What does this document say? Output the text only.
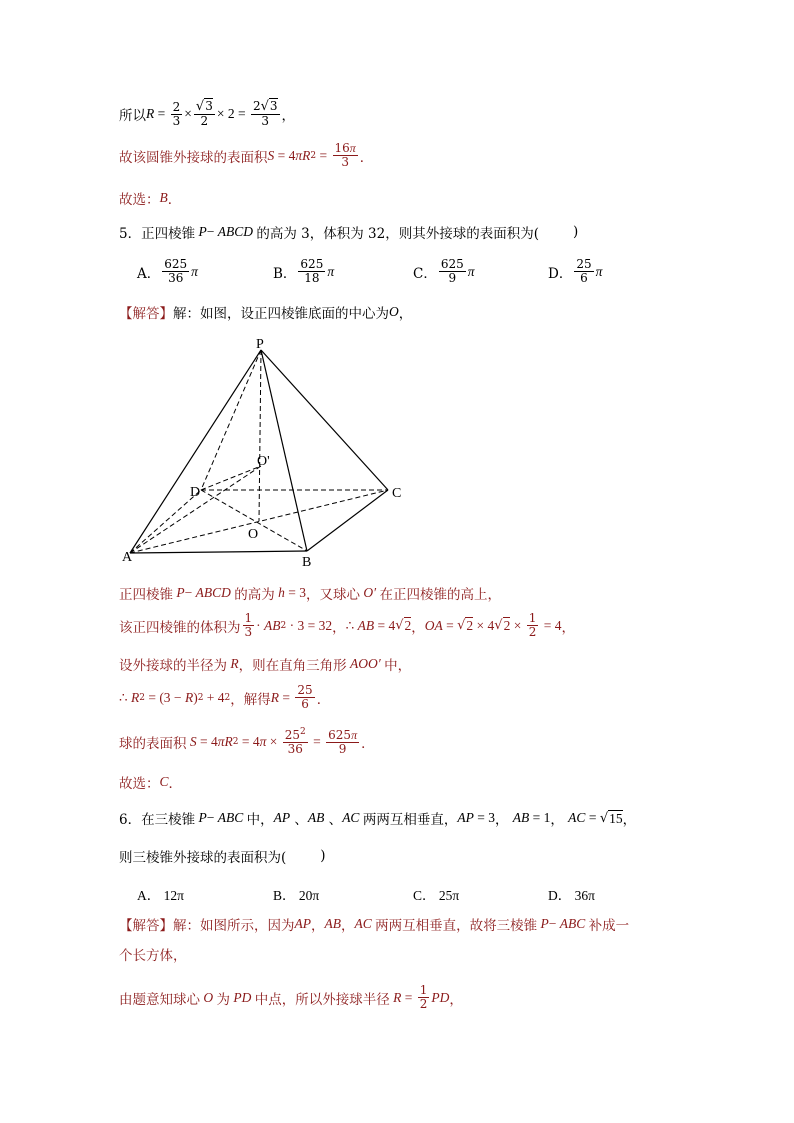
所以 $R = \frac{2}{3} \times \frac{√3}{2} \times 2 = \frac{2√3}{3}$ ，
故该圆锥外接球的表面积 S = 4 πR $2 = \frac{16\pi}{3}$ ．
故选： B ．
5．正四棱锥 P − ABCD 的高为 3，体积为 32，则其外接球的表面积为(	)
A． $\frac{625}{36}$ π	B． $\frac{625}{18}$ π	C． $\frac{625}{9}$ π	D． $\frac{25}{6}$ π
【解答】 解：如图，设正四棱锥底面的中心为 O ，
P
O'
D	C
O
A	B
正四棱锥 P − ABCD 的高为 h = 3 ，又球心 O′ 在正四棱锥的高上，
该正四棱锥的体积为 $\frac{1}{3}$ · AB 2 · 3 = 32 ， ∴ AB = 4 √ 2 ， OA = √ 2 × 4 √ $2 \times \frac{1}{2} = 4$ ，
设外接球的半径为 R ，则在直角三角形 AOO′ 中，
∴ R 2 = (3 − R ) 2 + 4 2 ，解得 $R = \frac{25}{6}$ ．
球的表面积 S = 4 πR 2 = 4 $\pi \times \frac{25^2}{36} = \frac{625\pi}{9}$ ．
故选： C ．
6．在三棱锥 P − ABC 中， AP 、 AB 、 AC 两两互相垂直， AP = 3 ， AB = 1 ， AC = √ 15 ，
则三棱锥外接球的表面积为(	)
A． 12π	B． 20π	C． 25π	D． 36π
【解答】 解：如图所示，因为 AP ， AB ， AC 两两互相垂直，故将三棱锥 P − ABC 补成一
个长方体，
由题意知球心 O 为 PD 中点，所以外接球半径 $R = \frac{1}{2}$ PD ，
